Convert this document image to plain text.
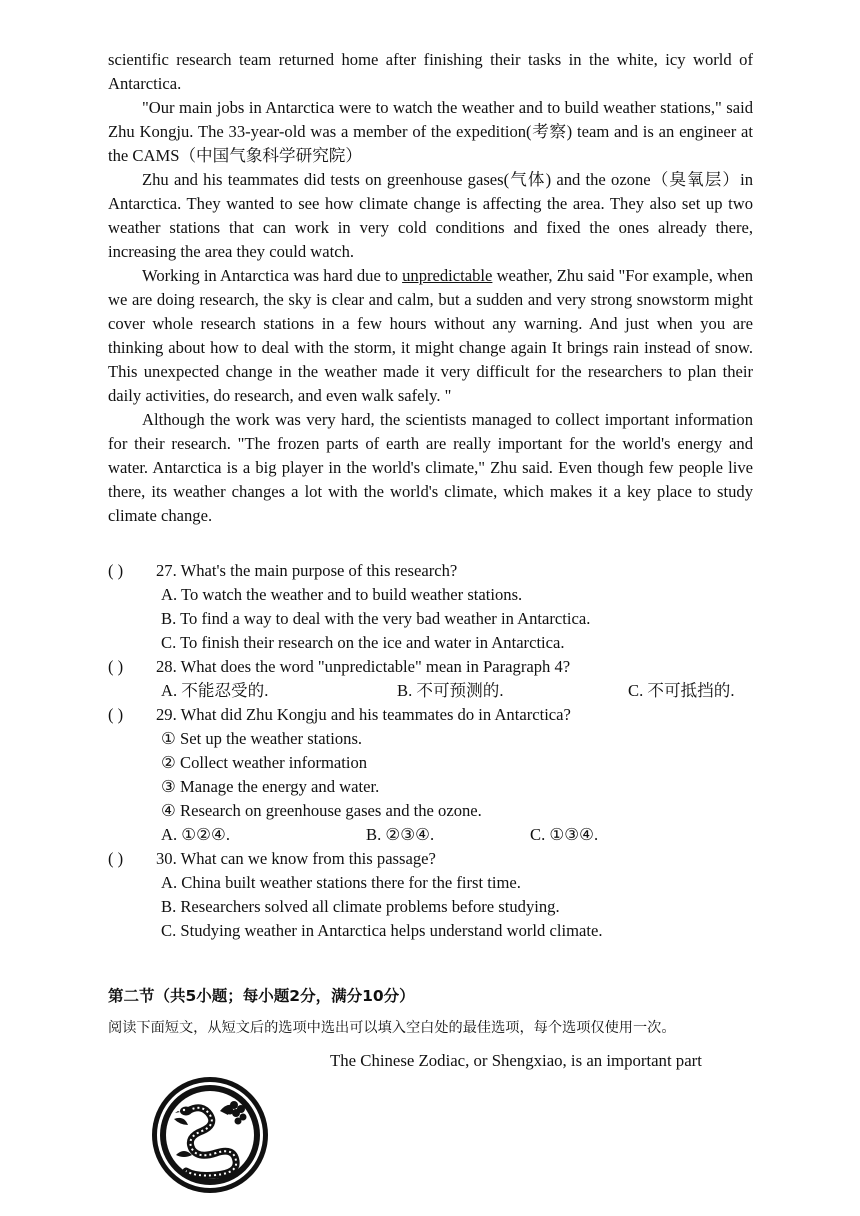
scientific research team returned home after finishing their tasks in the white, icy world of Antarctica.

"Our main jobs in Antarctica were to watch the weather and to build weather stations," said Zhu Kongju. The 33-year-old was a member of the expedition(考察) team and is an engineer at the CAMS（中国气象科学研究院）

Zhu and his teammates did tests on greenhouse gases(气体) and the ozone（臭氧层）in Antarctica. They wanted to see how climate change is affecting the area. They also set up two weather stations that can work in very cold conditions and fixed the ones already there, increasing the area they could watch.

Working in Antarctica was hard due to unpredictable weather, Zhu said "For example, when we are doing research, the sky is clear and calm, but a sudden and very strong snowstorm might cover whole research stations in a few hours without any warning. And just when you are thinking about how to deal with the storm, it might change again It brings rain instead of snow. This unexpected change in the weather made it very difficult for the researchers to plan their daily activities, do research, and even walk safely. "

Although the work was very hard, the scientists managed to collect important information for their research. "The frozen parts of earth are really important for the world's energy and water. Antarctica is a big player in the world's climate," Zhu said. Even though few people live there, its weather changes a lot with the world's climate, which makes it a key place to study climate change.

( ) 27. What's the main purpose of this research?
A. To watch the weather and to build weather stations.
B. To find a way to deal with the very bad weather in Antarctica.
C. To finish their research on the ice and water in Antarctica.
( ) 28. What does the word "unpredictable" mean in Paragraph 4?
A. 不能忍受的.	B. 不可预测的.	C. 不可抵挡的.
( ) 29. What did Zhu Kongju and his teammates do in Antarctica?
① Set up the weather stations.
② Collect weather information
③ Manage the energy and water.
④ Research on greenhouse gases and the ozone.
A. ①②④.	B. ②③④.	C. ①③④.
( ) 30. What can we know from this passage?
A. China built weather stations there for the first time.
B. Researchers solved all climate problems before studying.
C. Studying weather in Antarctica helps understand world climate.
第二节（共5小题；每小题2分，满分10分）
阅读下面短文，从短文后的选项中选出可以填入空白处的最佳选项，每个选项仅使用一次。
The Chinese Zodiac, or Shengxiao, is an important part
